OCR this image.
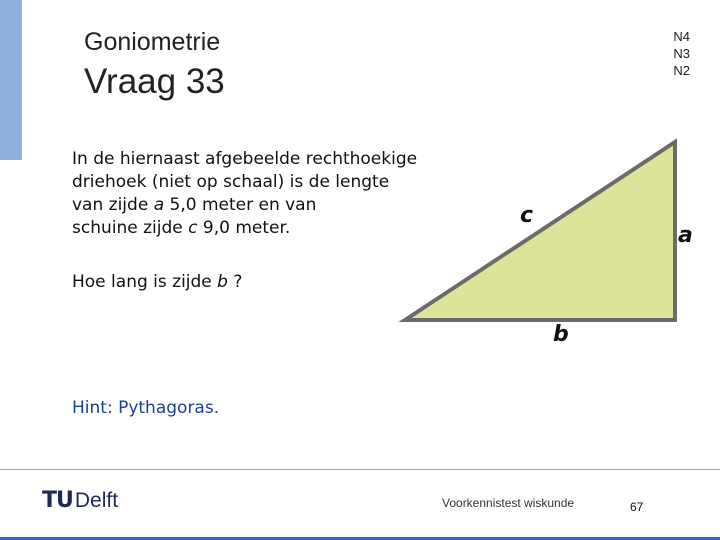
Goniometrie
Vraag 33
N4
N3
N2
In de hiernaast afgebeelde rechthoekige
driehoek (niet op schaal) is de lengte
van zijde a 5,0 meter en van
schuine zijde c 9,0 meter.
Hoe lang is zijde b ?
Hint: Pythagoras.
c
a
b
TU Delft	Voorkennistest wiskunde	67
